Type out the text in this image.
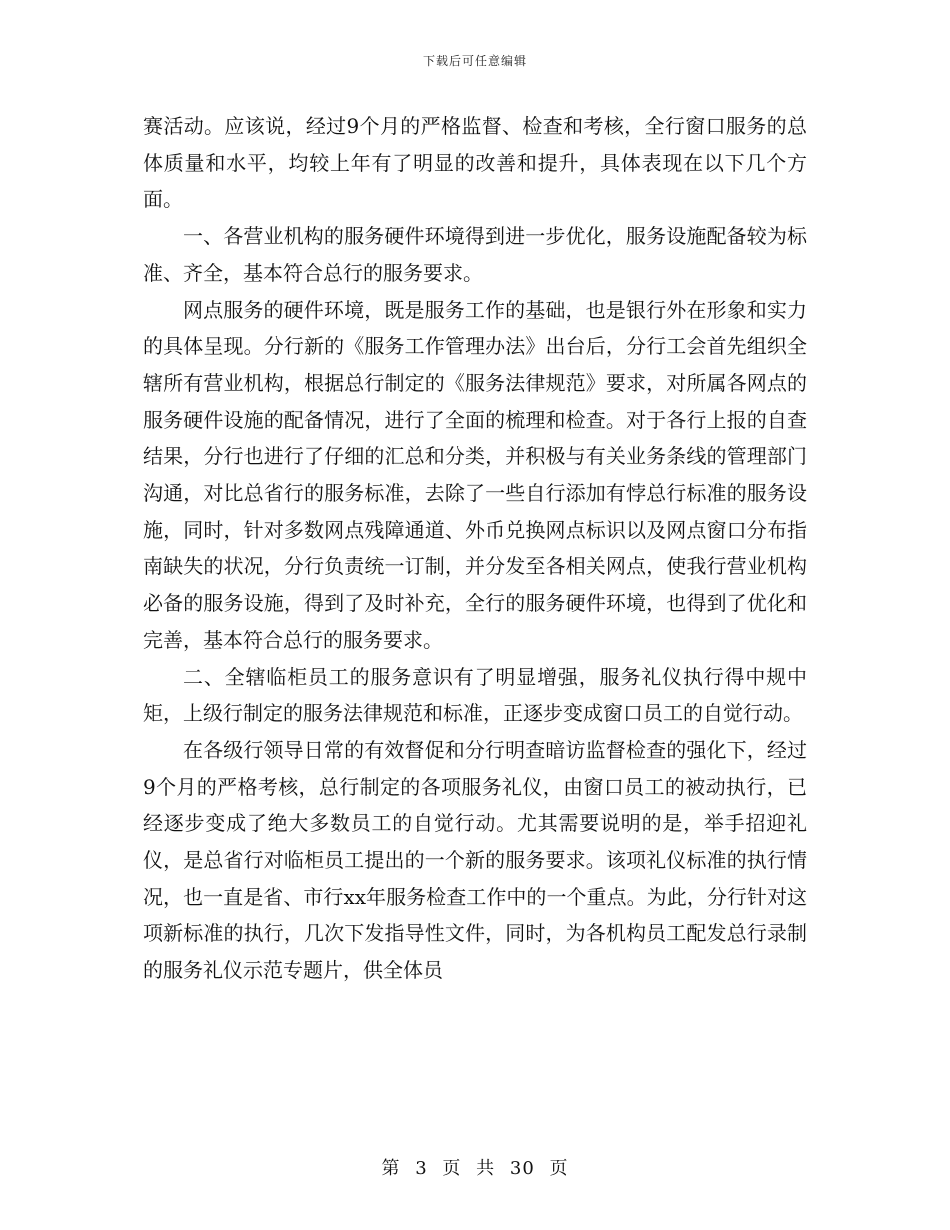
下载后可任意编辑

赛活动。应该说，经过9个月的严格监督、检查和考核，全行窗口服务的总体质量和水平，均较上年有了明显的改善和提升，具体表现在以下几个方面。

一、各营业机构的服务硬件环境得到进一步优化，服务设施配备较为标准、齐全，基本符合总行的服务要求。

网点服务的硬件环境，既是服务工作的基础，也是银行外在形象和实力的具体呈现。分行新的《服务工作管理办法》出台后，分行工会首先组织全辖所有营业机构，根据总行制定的《服务法律规范》要求，对所属各网点的服务硬件设施的配备情况，进行了全面的梳理和检查。对于各行上报的自查结果，分行也进行了仔细的汇总和分类，并积极与有关业务条线的管理部门沟通，对比总省行的服务标准，去除了一些自行添加有悖总行标准的服务设施，同时，针对多数网点残障通道、外币兑换网点标识以及网点窗口分布指南缺失的状况，分行负责统一订制，并分发至各相关网点，使我行营业机构必备的服务设施，得到了及时补充，全行的服务硬件环境，也得到了优化和完善，基本符合总行的服务要求。

二、全辖临柜员工的服务意识有了明显增强，服务礼仪执行得中规中矩，上级行制定的服务法律规范和标准，正逐步变成窗口员工的自觉行动。

在各级行领导日常的有效督促和分行明查暗访监督检查的强化下，经过9个月的严格考核，总行制定的各项服务礼仪，由窗口员工的被动执行，已经逐步变成了绝大多数员工的自觉行动。尤其需要说明的是，举手招迎礼仪，是总省行对临柜员工提出的一个新的服务要求。该项礼仪标准的执行情况，也一直是省、市行xx年服务检查工作中的一个重点。为此，分行针对这项新标准的执行，几次下发指导性文件，同时，为各机构员工配发总行录制的服务礼仪示范专题片，供全体员

第 3 页 共 30 页
